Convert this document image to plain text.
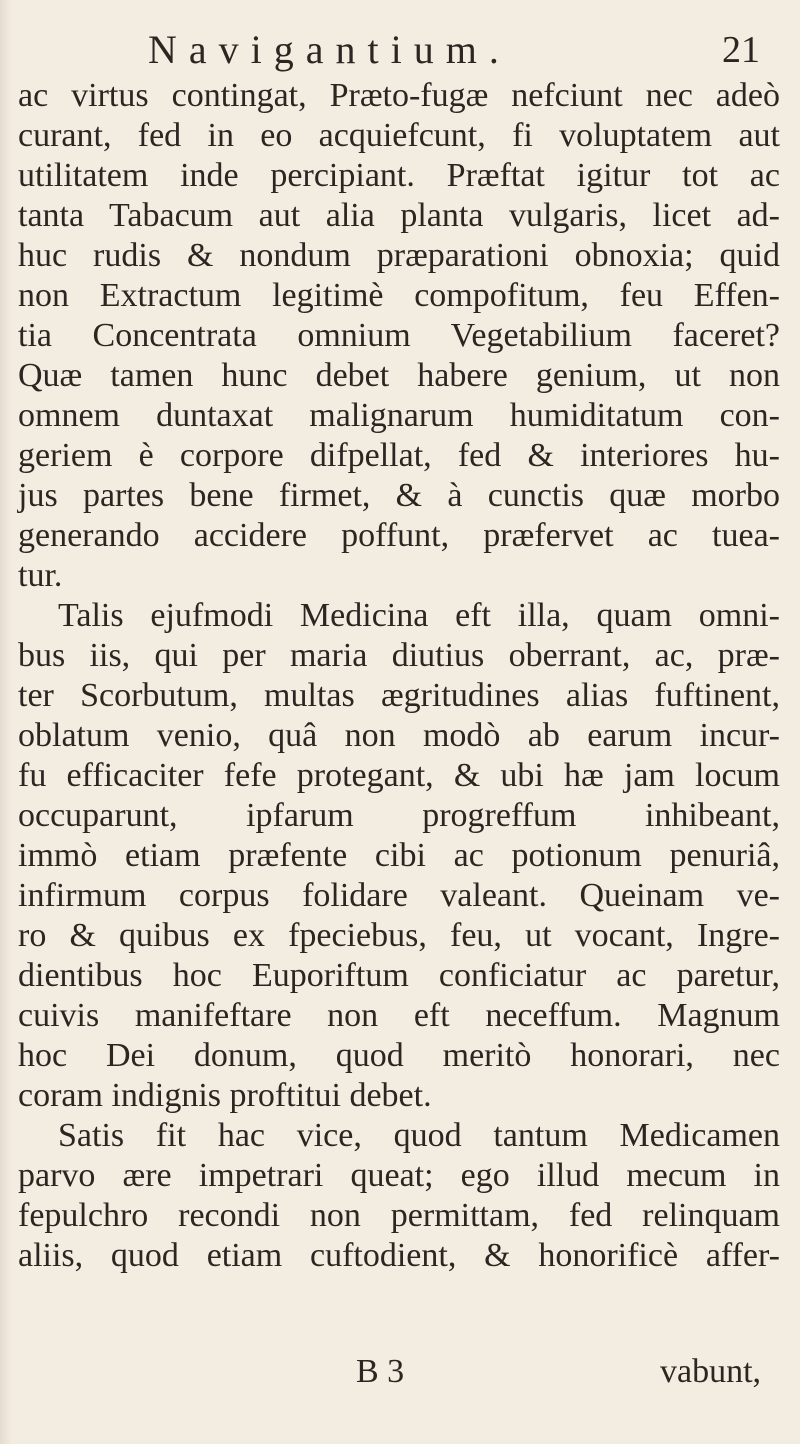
Navigantium.	21
ac virtus contingat, Præto-fugæ nefciunt nec adeò
curant, fed in eo acquiefcunt, fi voluptatem aut
utilitatem inde percipiant. Præftat igitur tot ac
tanta Tabacum aut alia planta vulgaris, licet ad-
huc rudis & nondum præparationi obnoxia; quid
non Extractum legitimè compofitum, feu Effen-
tia Concentrata omnium Vegetabilium faceret?
Quæ tamen hunc debet habere genium, ut non
omnem duntaxat malignarum humiditatum con-
geriem è corpore difpellat, fed & interiores hu-
jus partes bene firmet, & à cunctis quæ morbo
generando accidere poffunt, præfervet ac tuea-
tur.
Talis ejufmodi Medicina eft illa, quam omni-
bus iis, qui per maria diutius oberrant, ac, præ-
ter Scorbutum, multas ægritudines alias fuftinent,
oblatum venio, quâ non modò ab earum incur-
fu efficaciter fefe protegant, & ubi hæ jam locum
occuparunt, ipfarum progreffum inhibeant,
immò etiam præfente cibi ac potionum penuriâ,
infirmum corpus folidare valeant. Queinam ve-
ro & quibus ex fpeciebus, feu, ut vocant, Ingre-
dientibus hoc Euporiftum conficiatur ac paretur,
cuivis manifeftare non eft neceffum. Magnum
hoc Dei donum, quod meritò honorari, nec
coram indignis proftitui debet.
Satis fit hac vice, quod tantum Medicamen
parvo ære impetrari queat; ego illud mecum in
fepulchro recondi non permittam, fed relinquam
aliis, quod etiam cuftodient, & honorificè affer-
B 3	vabunt,
